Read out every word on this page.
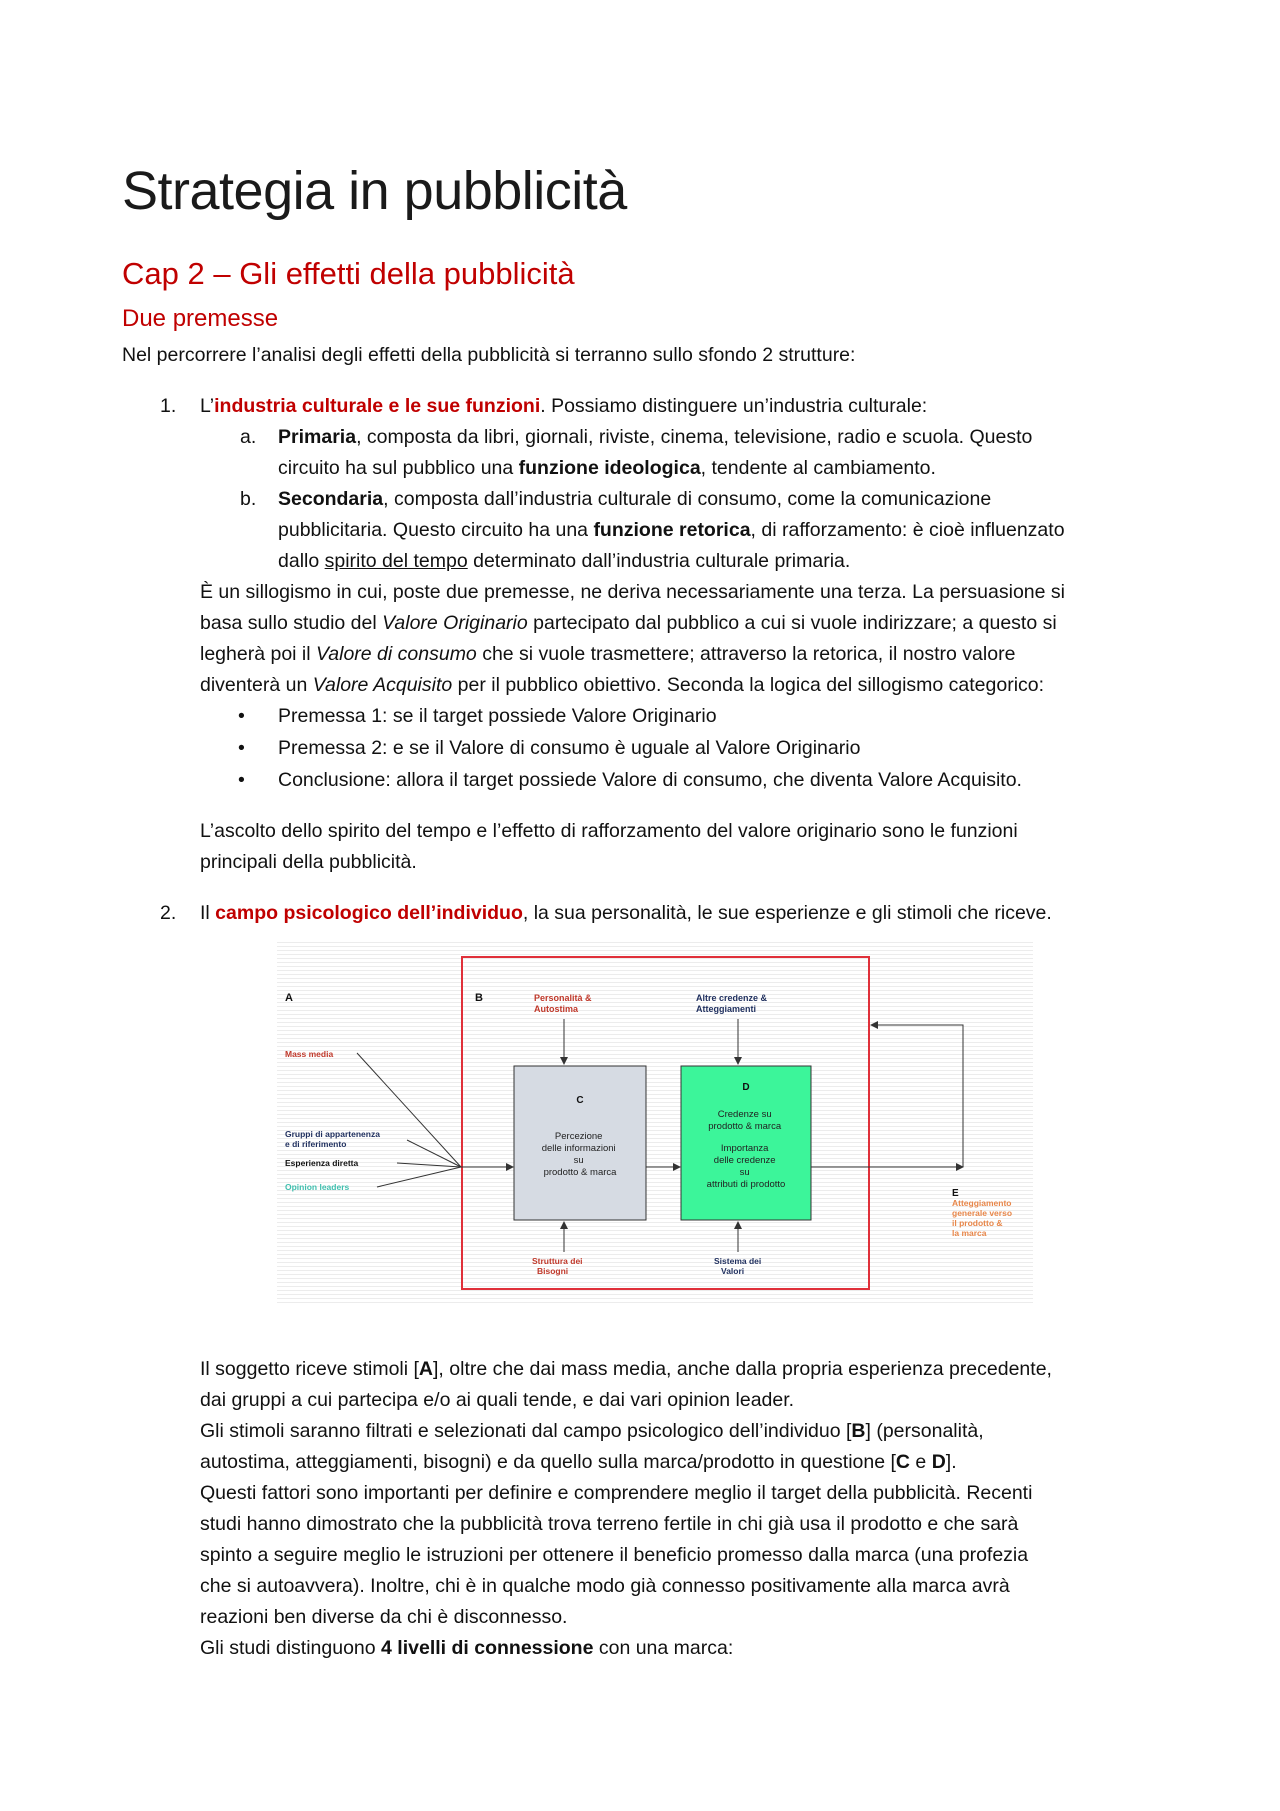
Strategia in pubblicità
Cap 2 – Gli effetti della pubblicità
Due premesse

Nel percorrere l’analisi degli effetti della pubblicità si terranno sullo sfondo 2 strutture:

1. L’industria culturale e le sue funzioni. Possiamo distinguere un’industria culturale:

a. Primaria, composta da libri, giornali, riviste, cinema, televisione, radio e scuola. Questo

circuito ha sul pubblico una funzione ideologica, tendente al cambiamento.

b. Secondaria, composta dall’industria culturale di consumo, come la comunicazione

pubblicitaria. Questo circuito ha una funzione retorica, di rafforzamento: è cioè influenzato

dallo spirito del tempo determinato dall’industria culturale primaria.

È un sillogismo in cui, poste due premesse, ne deriva necessariamente una terza. La persuasione si

basa sullo studio del Valore Originario partecipato dal pubblico a cui si vuole indirizzare; a questo si

legherà poi il Valore di consumo che si vuole trasmettere; attraverso la retorica, il nostro valore

diventerà un Valore Acquisito per il pubblico obiettivo. Seconda la logica del sillogismo categorico:

• Premessa 1: se il target possiede Valore Originario

• Premessa 2: e se il Valore di consumo è uguale al Valore Originario

• Conclusione: allora il target possiede Valore di consumo, che diventa Valore Acquisito.

L’ascolto dello spirito del tempo e l’effetto di rafforzamento del valore originario sono le funzioni

principali della pubblicità.

2. Il campo psicologico dell’individuo, la sua personalità, le sue esperienze e gli stimoli che riceve.

A	B	Personalità & Autostima
Altre credenze & Atteggiamenti
Mass media
Gruppi di appartenenza e di riferimento
Esperienza diretta
Opinion leaders
C
Percezione delle informazioni su prodotto & marca
D
Credenze su prodotto & marca Importanza delle credenze su attributi di prodotto
Struttura dei Bisogni
Sistema dei Valori
E
Atteggiamento generale verso il prodotto & la marca

Il soggetto riceve stimoli [A], oltre che dai mass media, anche dalla propria esperienza precedente,

dai gruppi a cui partecipa e/o ai quali tende, e dai vari opinion leader.

Gli stimoli saranno filtrati e selezionati dal campo psicologico dell’individuo [B] (personalità,

autostima, atteggiamenti, bisogni) e da quello sulla marca/prodotto in questione [C e D].

Questi fattori sono importanti per definire e comprendere meglio il target della pubblicità. Recenti

studi hanno dimostrato che la pubblicità trova terreno fertile in chi già usa il prodotto e che sarà

spinto a seguire meglio le istruzioni per ottenere il beneficio promesso dalla marca (una profezia

che si autoavvera). Inoltre, chi è in qualche modo già connesso positivamente alla marca avrà

reazioni ben diverse da chi è disconnesso.

Gli studi distinguono 4 livelli di connessione con una marca:
